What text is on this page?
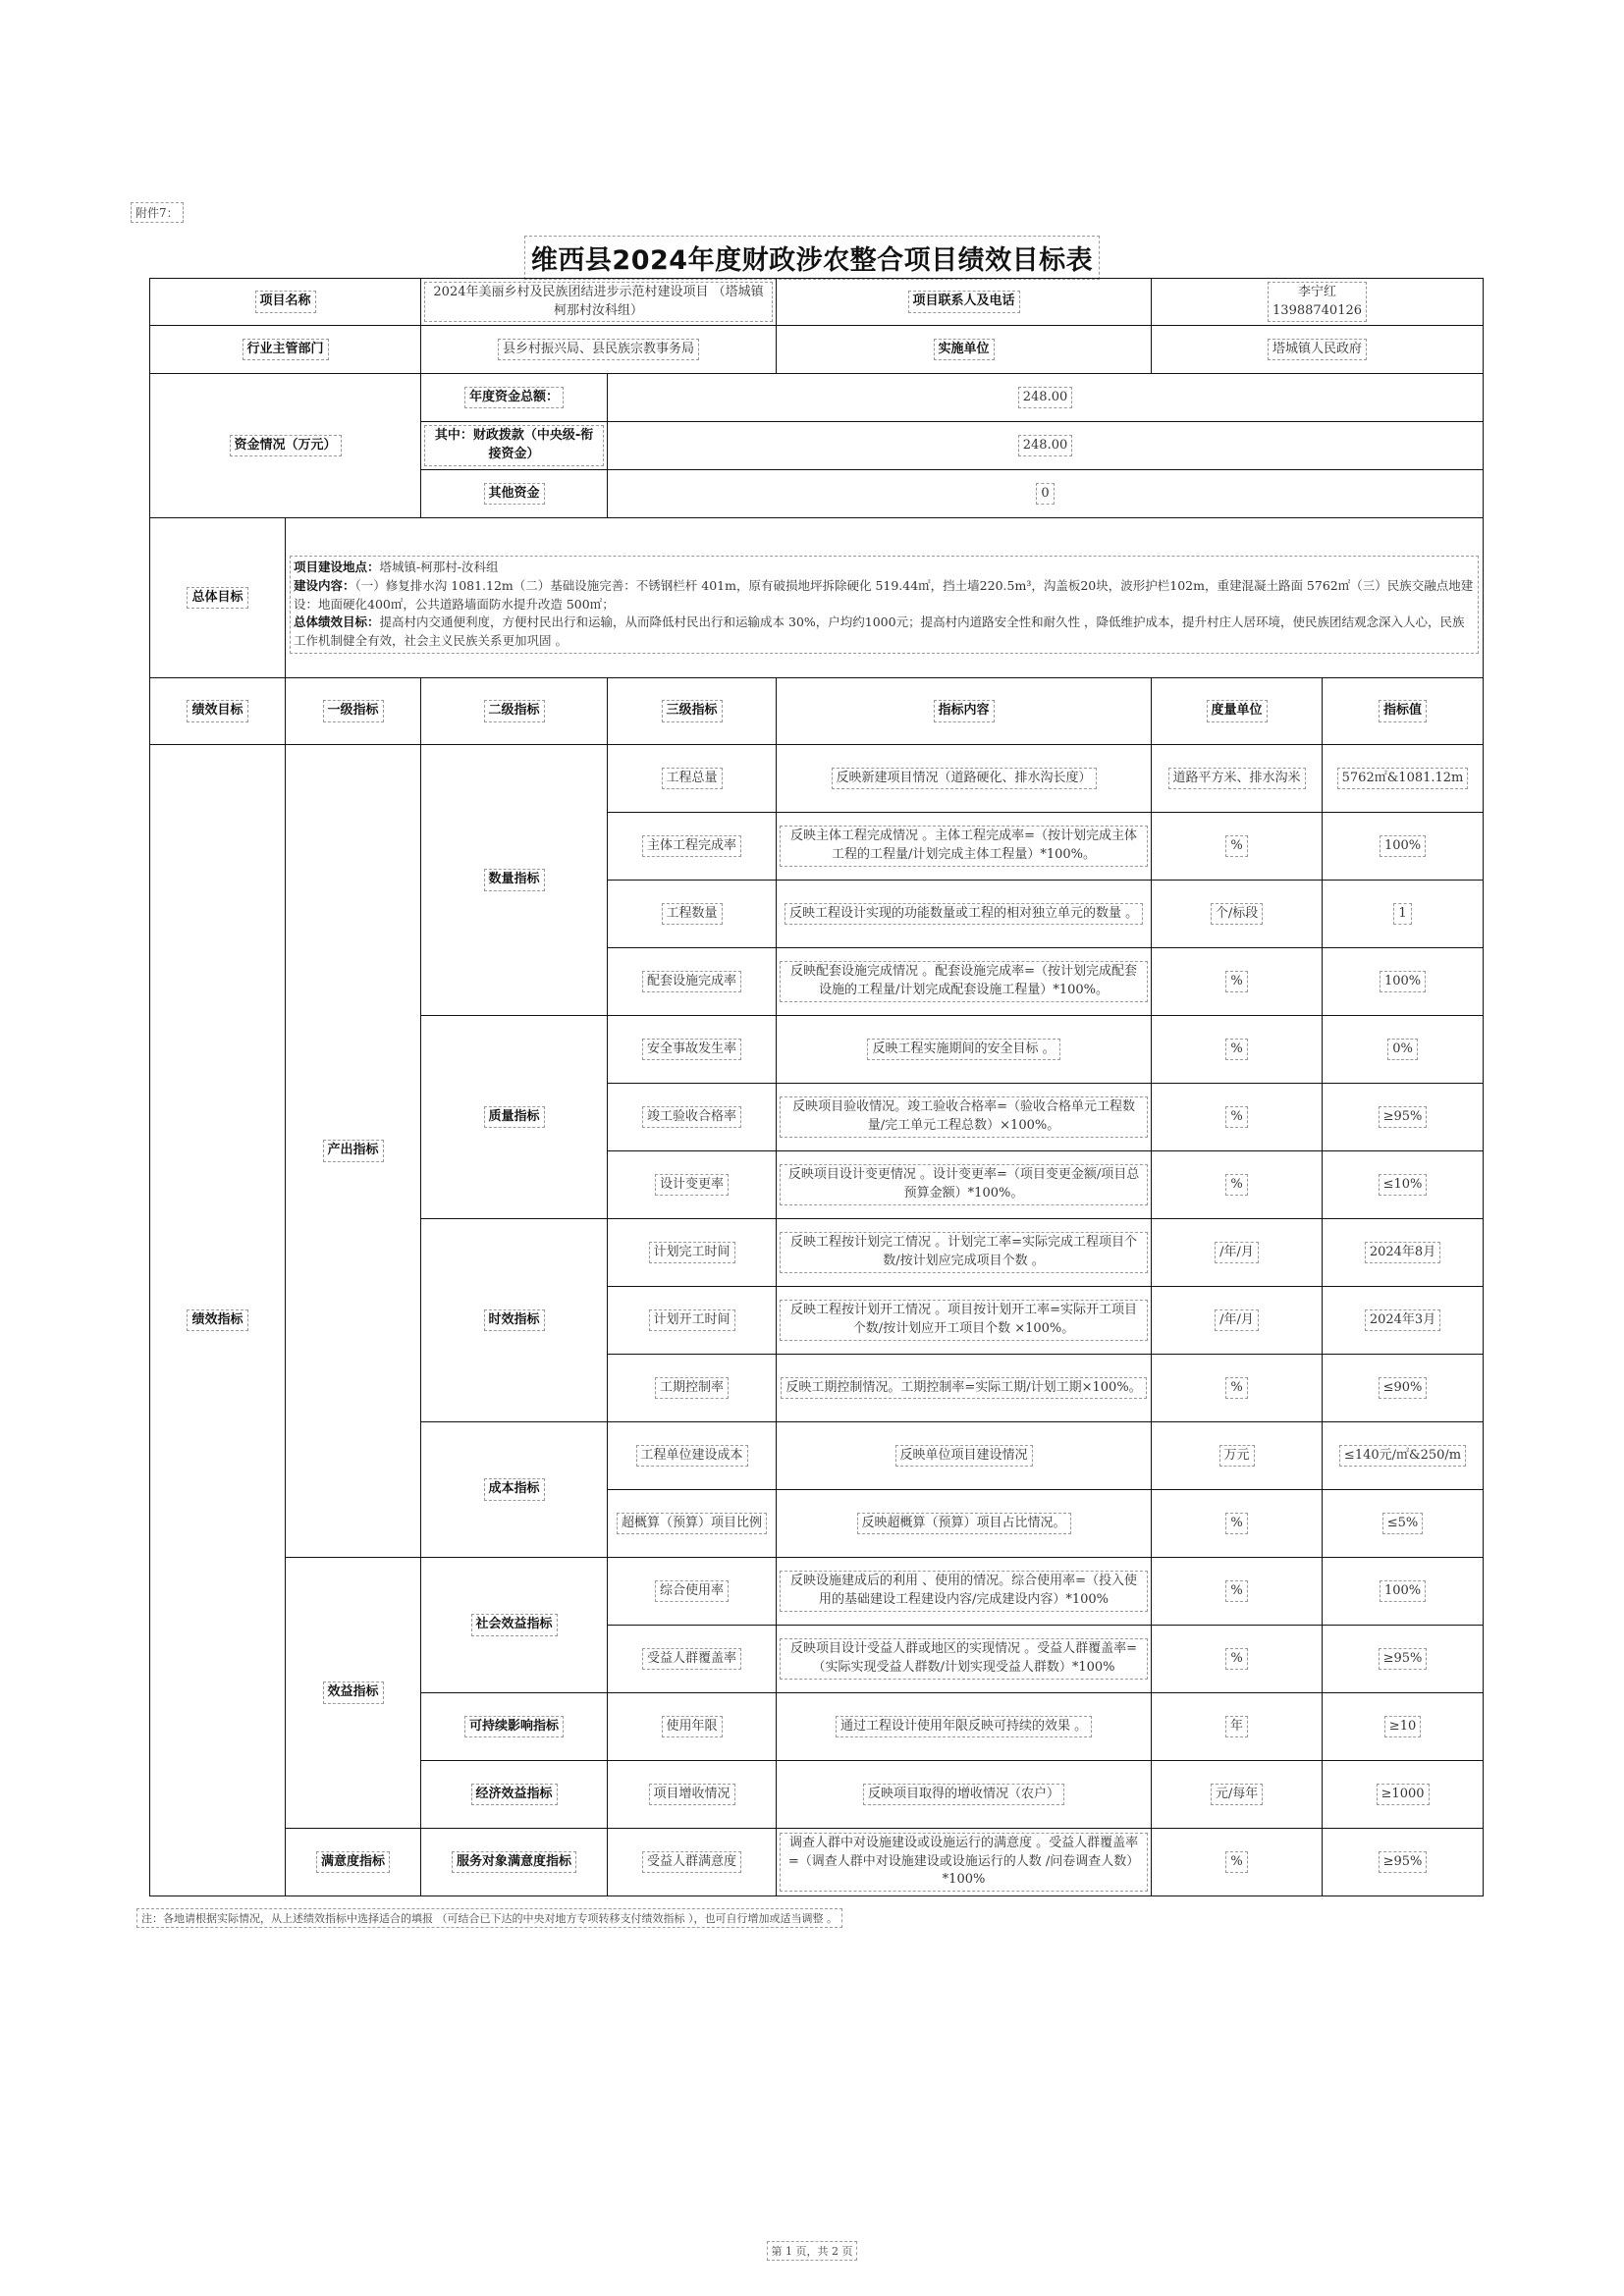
附件7：
维西县2024年度财政涉农整合项目绩效目标表
项目名称		2024年美丽乡村及民族团结进步示范村建设项目 （塔城镇柯那村汝科组）		项目联系人及电话	李宁红
13988740126	
行业主管部门		县乡村振兴局、县民族宗教事务局		实施单位	塔城镇人民政府	
资金情况（万元）		年度资金总额：	248.00			
		其中：财政拨款（中央级-衔接资金）	248.00			
		其他资金	0			
总体目标	项目建设地点：塔城镇-柯那村-汝科组
建设内容：（一）修复排水沟 1081.12m（二）基础设施完善：不锈钢栏杆 401m，原有破损地坪拆除硬化 519.44㎡，挡土墙220.5m³，沟盖板20块，波形护栏102m，重建混凝土路面 5762㎡（三）民族交融点地建设：地面硬化400㎡，公共道路墙面防水提升改造 500㎡；
总体绩效目标：提高村内交通便利度，方便村民出行和运输，从而降低村民出行和运输成本 30%，户均约1000元；提高村内道路安全性和耐久性 ，降低维护成本，提升村庄人居环境，使民族团结观念深入人心，民族工作机制健全有效，社会主义民族关系更加巩固 。					

绩效目标	一级指标	二级指标	三级指标	指标内容	度量单位	指标值
绩效指标	产出指标	数量指标	工程总量	反映新建项目情况（道路硬化、排水沟长度）	道路平方米、排水沟米	5762㎡&1081.12m
			主体工程完成率	反映主体工程完成情况 。主体工程完成率=（按计划完成主体工程的工程量/计划完成主体工程量）*100%。	%	100%
			工程数量	反映工程设计实现的功能数量或工程的相对独立单元的数量 。	个/标段	1
			配套设施完成率	反映配套设施完成情况 。配套设施完成率=（按计划完成配套设施的工程量/计划完成配套设施工程量）*100%。	%	100%
		质量指标	安全事故发生率	反映工程实施期间的安全目标 。	%	0%
			竣工验收合格率	反映项目验收情况。竣工验收合格率=（验收合格单元工程数量/完工单元工程总数）×100%。	%	≥95%
			设计变更率	反映项目设计变更情况 。设计变更率=（项目变更金额/项目总预算金额）*100%。	%	≤10%
		时效指标	计划完工时间	反映工程按计划完工情况 。计划完工率=实际完成工程项目个数/按计划应完成项目个数 。	/年/月	2024年8月
			计划开工时间	反映工程按计划开工情况 。项目按计划开工率=实际开工项目个数/按计划应开工项目个数 ×100%。	/年/月	2024年3月
			工期控制率	反映工期控制情况。工期控制率=实际工期/计划工期×100%。	%	≤90%
		成本指标	工程单位建设成本	反映单位项目建设情况	万元	≤140元/㎡&250/m
			超概算（预算）项目比例	反映超概算（预算）项目占比情况。	%	≤5%
	效益指标	社会效益指标	综合使用率	反映设施建成后的利用 、使用的情况。综合使用率=（投入使用的基础建设工程建设内容/完成建设内容）*100%	%	100%
			受益人群覆盖率	反映项目设计受益人群或地区的实现情况 。受益人群覆盖率=（实际实现受益人群数/计划实现受益人群数）*100%	%	≥95%
		可持续影响指标	使用年限	通过工程设计使用年限反映可持续的效果 。	年	≥10
		经济效益指标	项目增收情况	反映项目取得的增收情况（农户）	元/每年	≥1000
	满意度指标	服务对象满意度指标	受益人群满意度	调查人群中对设施建设或设施运行的满意度 。受益人群覆盖率=（调查人群中对设施建设或设施运行的人数 /问卷调查人数）*100%	%	≥95%
注：各地请根据实际情况，从上述绩效指标中选择适合的填报 （可结合已下达的中央对地方专项转移支付绩效指标 ），也可自行增加或适当调整 。
第 1 页，共 2 页
